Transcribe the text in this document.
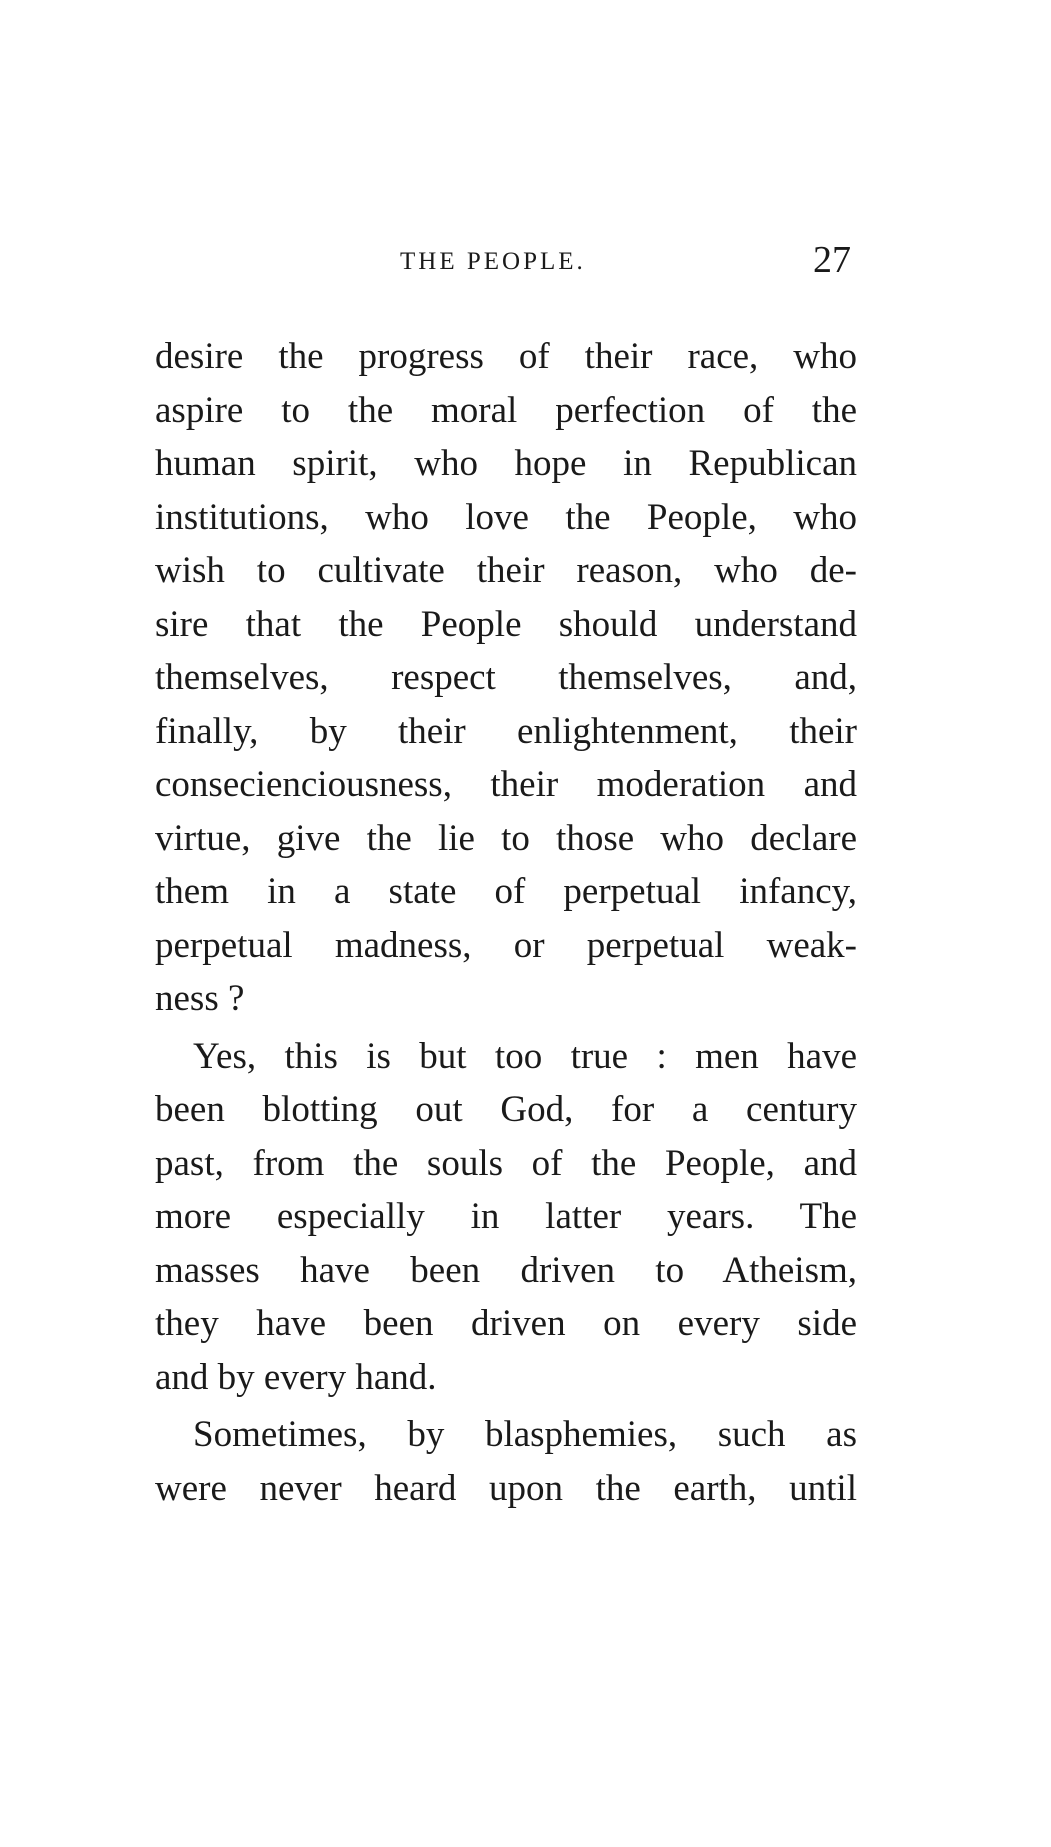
THE PEOPLE.	27
desire the progress of their race, who
aspire to the moral perfection of the
human spirit, who hope in Republican
institutions, who love the People, who
wish to cultivate their reason, who de-
sire that the People should understand
themselves, respect themselves, and,
finally, by their enlightenment, their
consecienciousness, their moderation and
virtue, give the lie to those who declare
them in a state of perpetual infancy,
perpetual madness, or perpetual weak-
ness ?
Yes, this is but too true : men have
been blotting out God, for a century
past, from the souls of the People, and
more especially in latter years. The
masses have been driven to Atheism,
they have been driven on every side
and by every hand.
Sometimes, by blasphemies, such as
were never heard upon the earth, until
